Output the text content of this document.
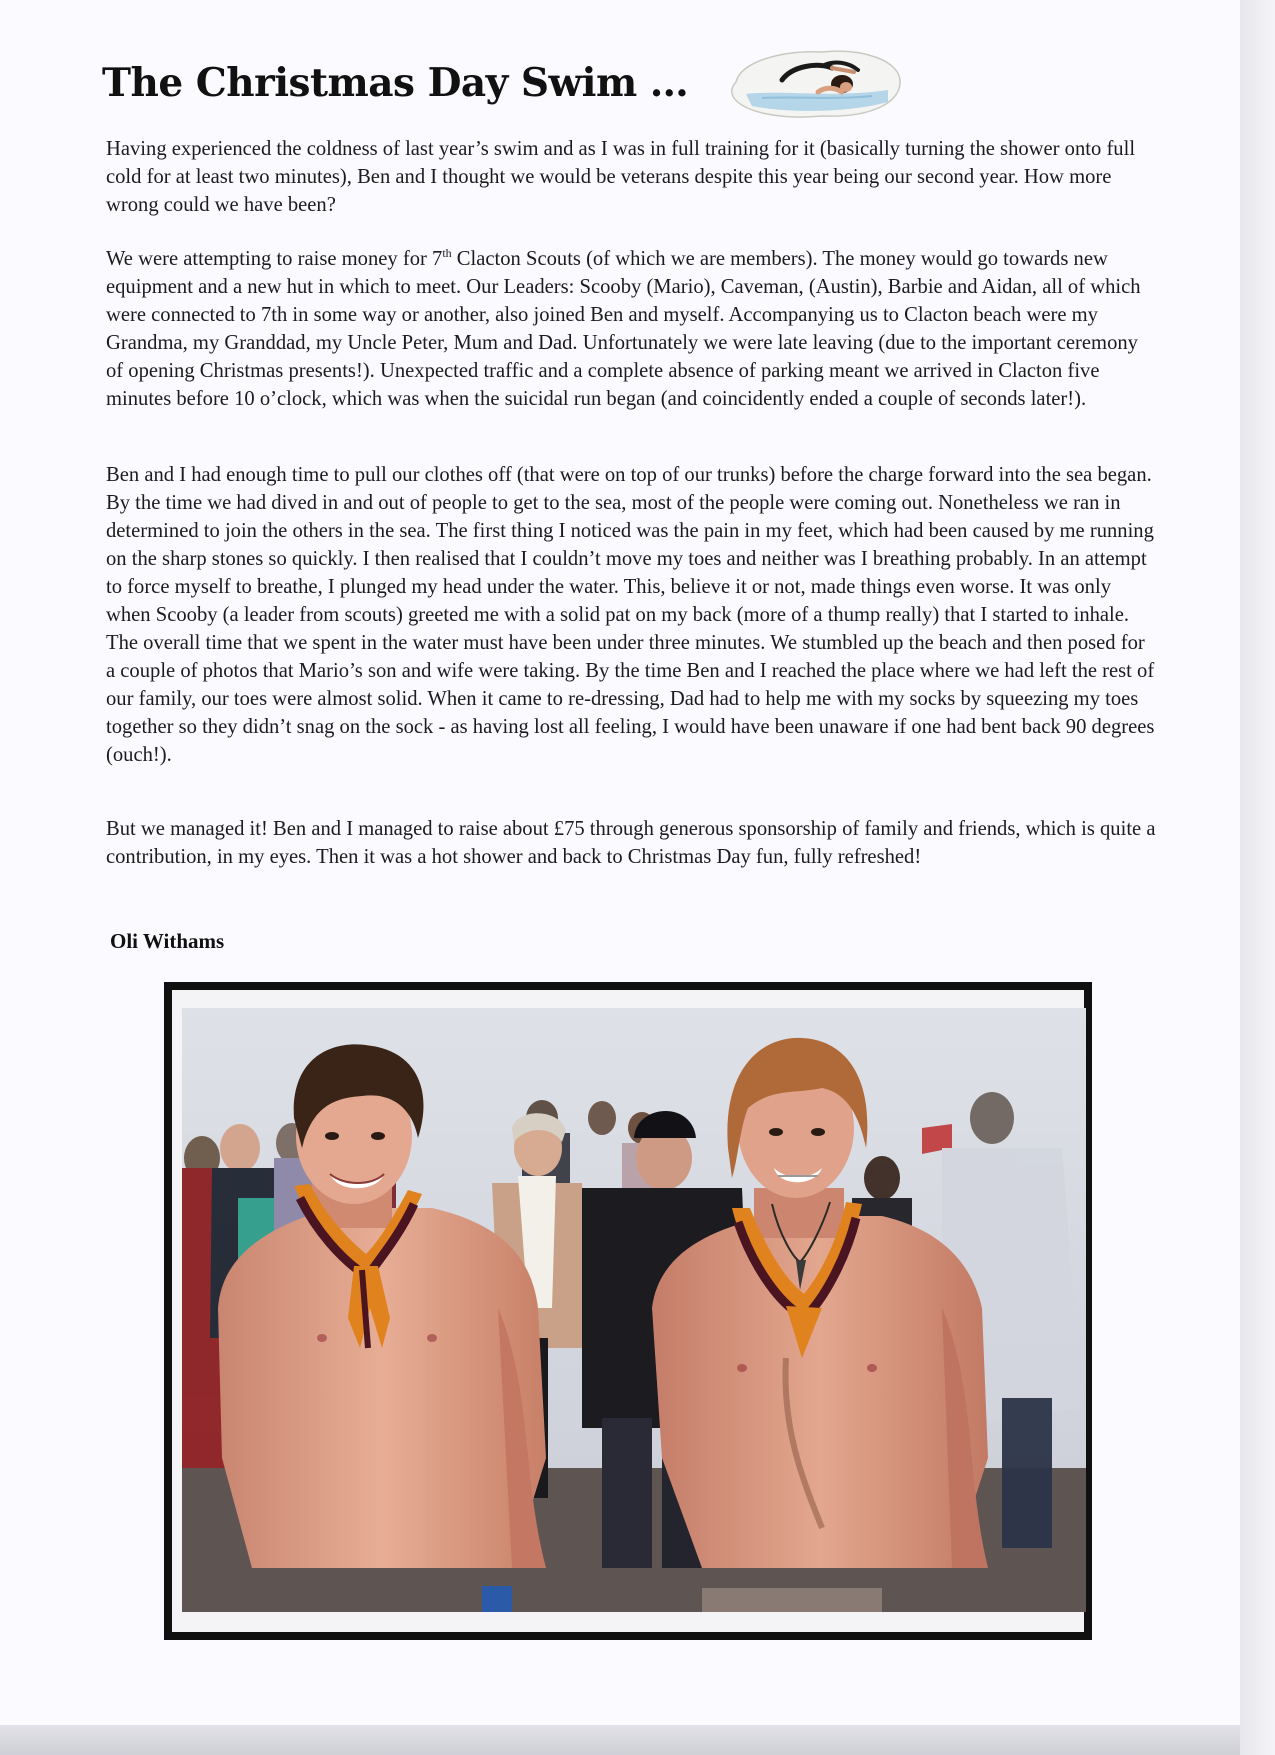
The Christmas Day Swim …

Having experienced the coldness of last year’s swim and as I was in full training for it (basically turning the shower onto full cold for at least two minutes), Ben and I thought we would be veterans despite this year being our second year. How more wrong could we have been?

We were attempting to raise money for 7th Clacton Scouts (of which we are members). The money would go towards new equipment and a new hut in which to meet. Our Leaders: Scooby (Mario), Caveman, (Austin), Barbie and Aidan, all of which were connected to 7th in some way or another, also joined Ben and myself. Accompanying us to Clacton beach were my Grandma, my Granddad, my Uncle Peter, Mum and Dad. Unfortunately we were late leaving (due to the important ceremony of opening Christmas presents!). Unexpected traffic and a complete absence of parking meant we arrived in Clacton five minutes before 10 o’clock, which was when the suicidal run began (and coincidently ended a couple of seconds later!).

Ben and I had enough time to pull our clothes off (that were on top of our trunks) before the charge forward into the sea began. By the time we had dived in and out of people to get to the sea, most of the people were coming out. Nonetheless we ran in determined to join the others in the sea. The first thing I noticed was the pain in my feet, which had been caused by me running on the sharp stones so quickly. I then realised that I couldn’t move my toes and neither was I breathing probably. In an attempt to force myself to breathe, I plunged my head under the water. This, believe it or not, made things even worse. It was only when Scooby (a leader from scouts) greeted me with a solid pat on my back (more of a thump really) that I started to inhale. The overall time that we spent in the water must have been under three minutes. We stumbled up the beach and then posed for a couple of photos that Mario’s son and wife were taking. By the time Ben and I reached the place where we had left the rest of our family, our toes were almost solid. When it came to re-dressing, Dad had to help me with my socks by squeezing my toes together so they didn’t snag on the sock - as having lost all feeling, I would have been unaware if one had bent back 90 degrees (ouch!).

But we managed it! Ben and I managed to raise about £75 through generous sponsorship of family and friends, which is quite a contribution, in my eyes. Then it was a hot shower and back to Christmas Day fun, fully refreshed!

Oli Withams
